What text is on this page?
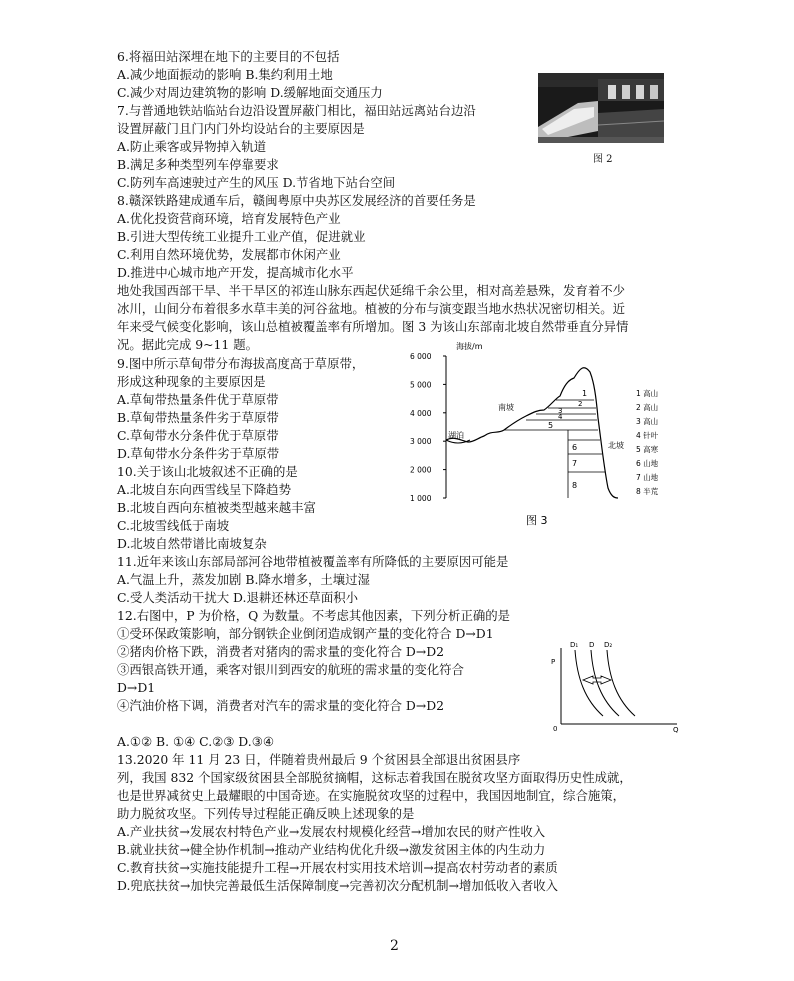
6.将福田站深埋在地下的主要目的不包括
A.减少地面振动的影响 B.集约利用土地
C.减少对周边建筑物的影响 D.缓解地面交通压力
7.与普通地铁站临站台边沿设置屏蔽门相比，福田站远离站台边沿
设置屏蔽门且门内门外均设站台的主要原因是
A.防止乘客或异物掉入轨道
B.满足多种类型列车停靠要求
C.防列车高速驶过产生的风压 D.节省地下站台空间
8.赣深铁路建成通车后，赣闽粤原中央苏区发展经济的首要任务是
A.优化投资营商环境，培育发展特色产业
B.引进大型传统工业提升工业产值，促进就业
C.利用自然环境优势，发展都市休闲产业
D.推进中心城市地产开发，提高城市化水平
地处我国西部干旱、半干旱区的祁连山脉东西起伏延绵千余公里，相对高差悬殊，发育着不少
冰川，山间分布着很多水草丰美的河谷盆地。植被的分布与演变跟当地水热状况密切相关。近
年来受气候变化影响，该山总植被覆盖率有所增加。图 3 为该山东部南北坡自然带垂直分异情
况。据此完成 9~11 题。
9.图中所示草甸带分布海拔高度高于草原带，
形成这种现象的主要原因是
A.草甸带热量条件优于草原带
B.草甸带热量条件劣于草原带
C.草甸带水分条件优于草原带
D.草甸带水分条件劣于草原带
10.关于该山北坡叙述不正确的是
A.北坡自东向西雪线呈下降趋势
B.北坡自西向东植被类型越来越丰富
C.北坡雪线低于南坡
D.北坡自然带谱比南坡复杂
11.近年来该山东部局部河谷地带植被覆盖率有所降低的主要原因可能是
A.气温上升，蒸发加剧 B.降水增多，土壤过湿
C.受人类活动干扰大 D.退耕还林还草面积小
12.右图中，P 为价格，Q 为数量。不考虑其他因素，下列分析正确的是
①受环保政策影响，部分钢铁企业倒闭造成钢产量的变化符合 D→D1
②猪肉价格下跌，消费者对猪肉的需求量的变化符合 D→D2
③西银高铁开通，乘客对银川到西安的航班的需求量的变化符合
D→D1
④汽油价格下调，消费者对汽车的需求量的变化符合 D→D2
A.①② B. ①④ C.②③ D.③④
13.2020 年 11 月 23 日，伴随着贵州最后 9 个贫困县全部退出贫困县序
列，我国 832 个国家级贫困县全部脱贫摘帽，这标志着我国在脱贫攻坚方面取得历史性成就，
也是世界减贫史上最耀眼的中国奇迹。在实施脱贫攻坚的过程中，我国因地制宜，综合施策，
助力脱贫攻坚。下列传导过程能正确反映上述现象的是
A.产业扶贫→发展农村特色产业→发展农村规模化经营→增加农民的财产性收入
B.就业扶贫→健全协作机制→推动产业结构优化升级→激发贫困主体的内生动力
C.教育扶贫→实施技能提升工程→开展农村实用技术培训→提高农村劳动者的素质
D.兜底扶贫→加快完善最低生活保障制度→完善初次分配机制→增加低收入者收入
图 2
海拔/m
6 000
5 000
4 000
3 000
2 000
1 000
湖泊
南坡
北坡
1
2
3
4
5
6
7
8
1 高山
2 高山
3 高山
4 针叶
5 高寒
6 山地
7 山地
8 半荒
图 3
P
Q
0
D₁ D D₂
2
